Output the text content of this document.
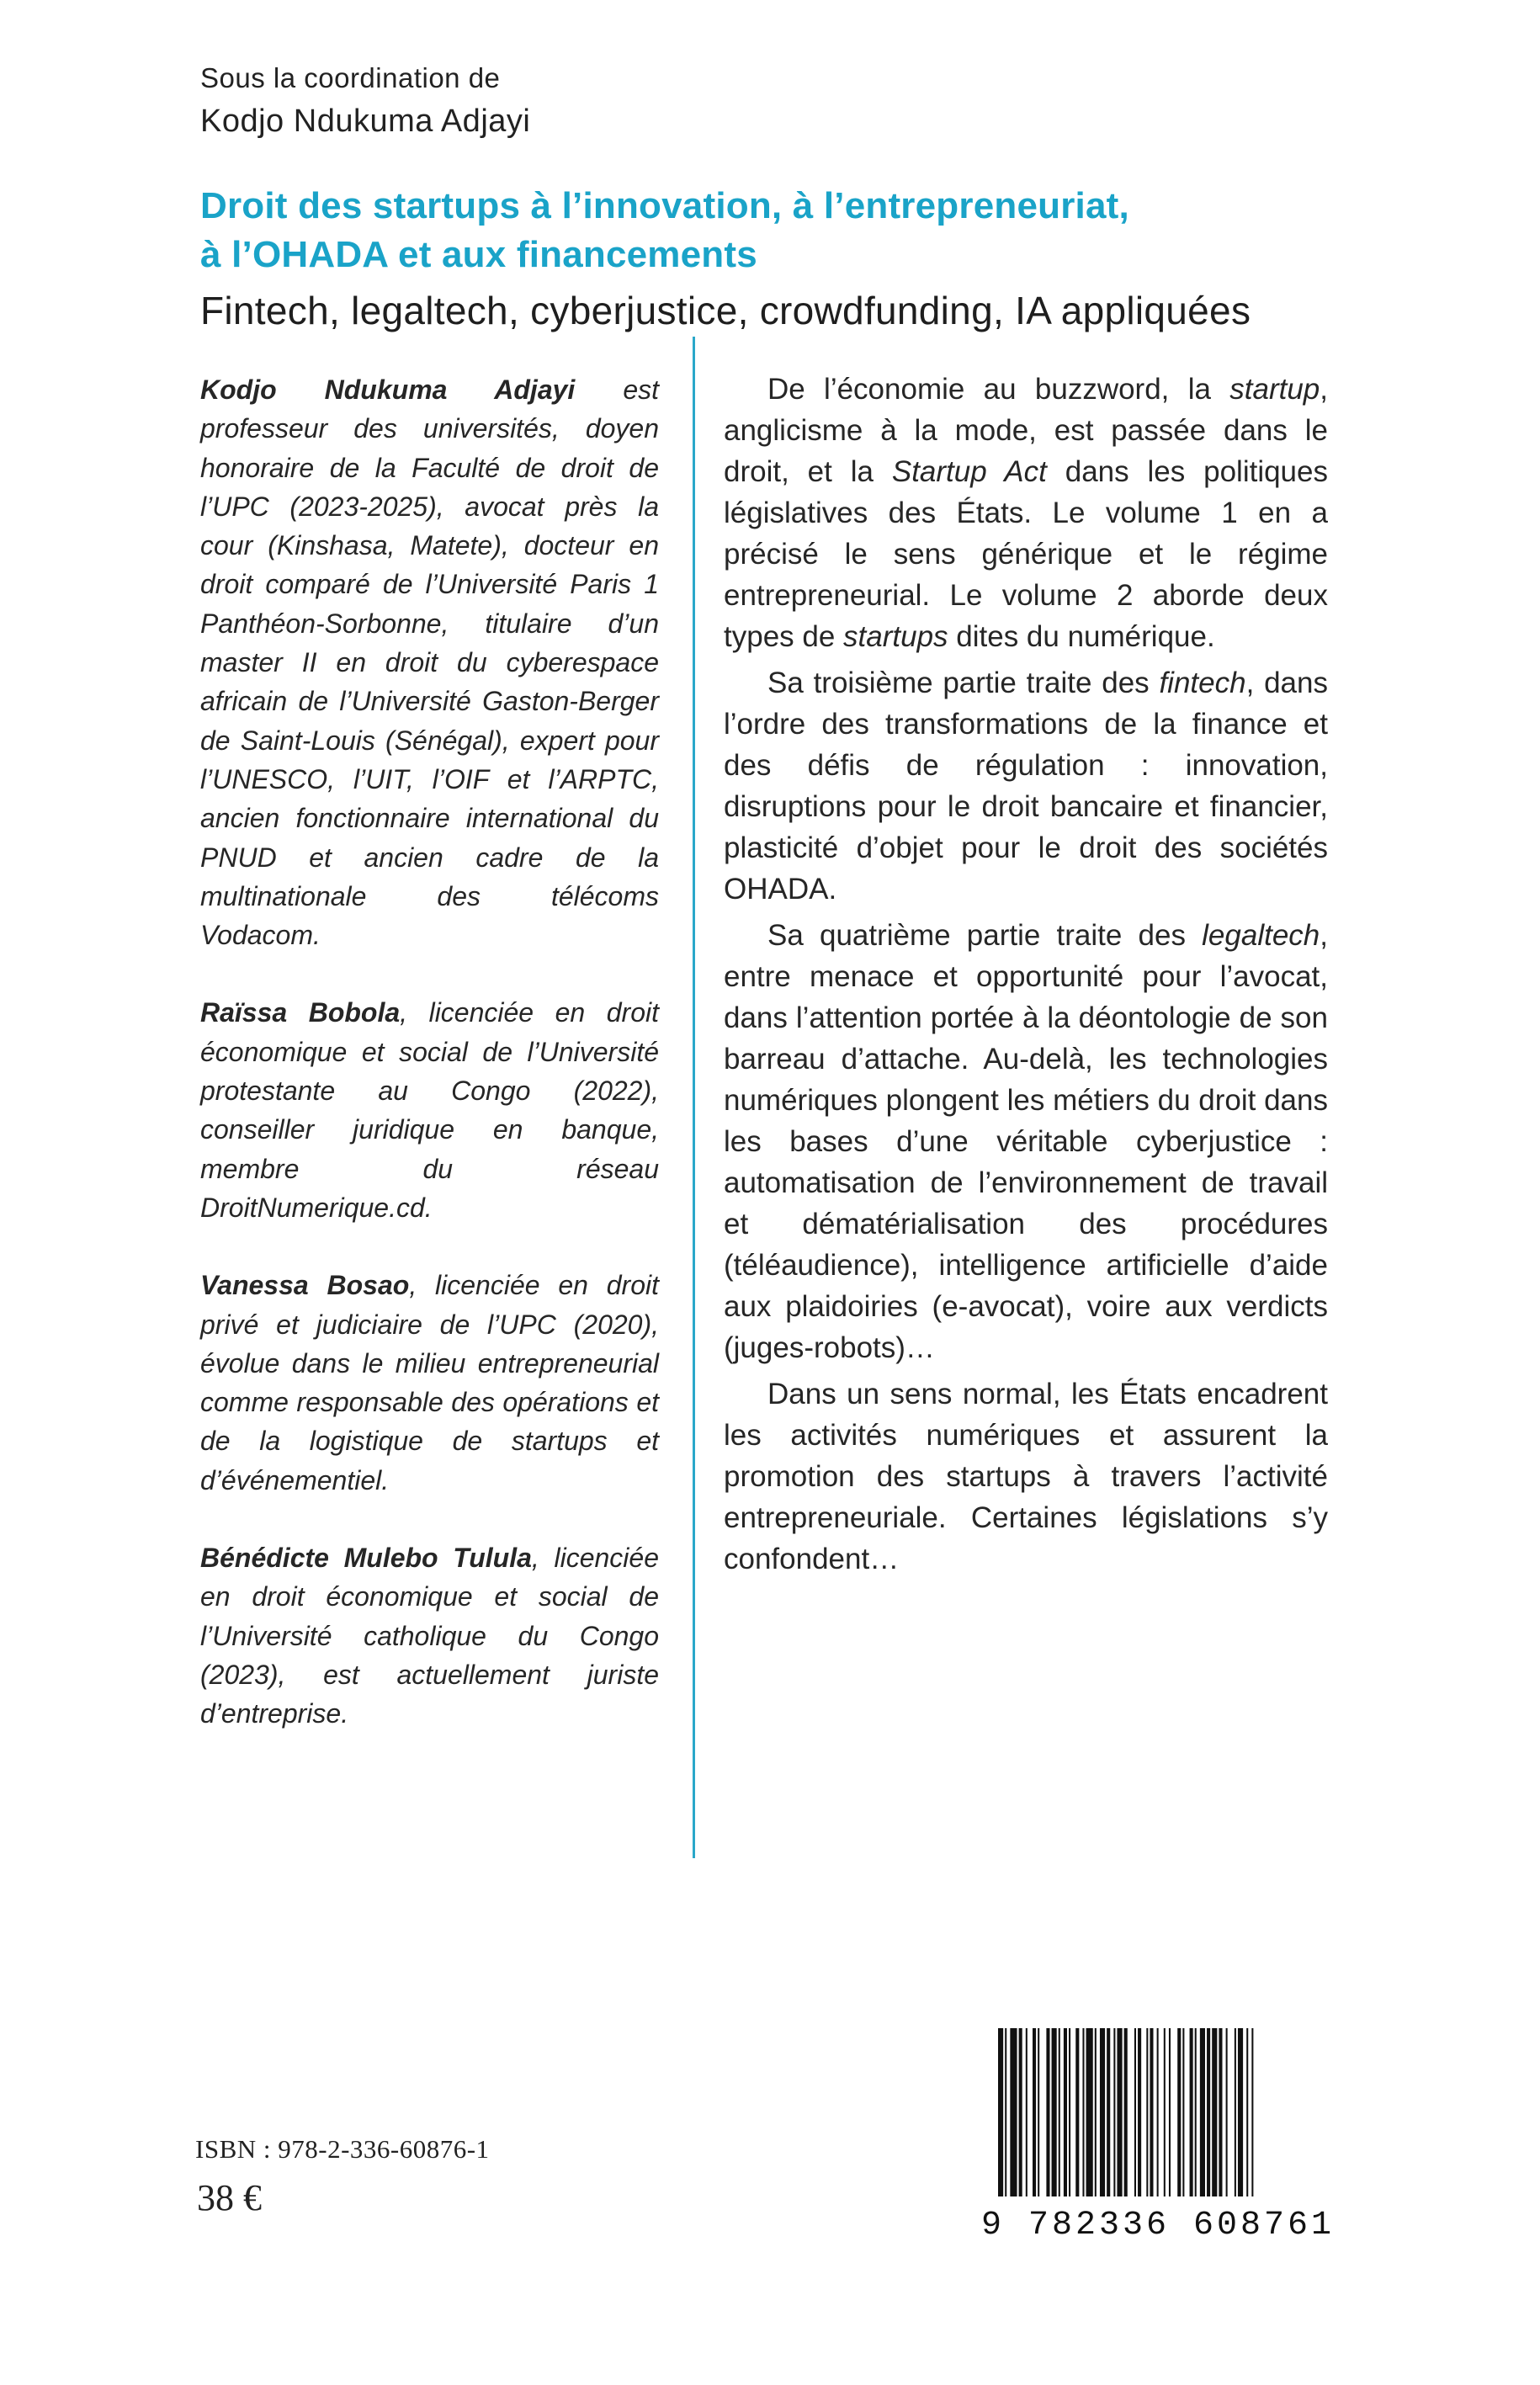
Sous la coordination de
Kodjo Ndukuma Adjayi
Droit des startups à l’innovation, à l’entrepreneuriat,
à l’OHADA et aux financements
Fintech, legaltech, cyberjustice, crowdfunding, IA appliquées

Kodjo Ndukuma Adjayi est professeur des universités, doyen honoraire de la Faculté de droit de l’UPC (2023-2025), avocat près la cour (Kinshasa, Matete), docteur en droit comparé de l’Université Paris 1 Panthéon-Sorbonne, titulaire d’un master II en droit du cyberespace africain de l’Université Gaston-Berger de Saint-Louis (Sénégal), expert pour l’UNESCO, l’UIT, l’OIF et l’ARPTC, ancien fonctionnaire international du PNUD et ancien cadre de la multinationale des télécoms Vodacom.

Raïssa Bobola, licenciée en droit économique et social de l’Université protestante au Congo (2022), conseiller juridique en banque, membre du réseau DroitNumerique.cd.

Vanessa Bosao, licenciée en droit privé et judiciaire de l’UPC (2020), évolue dans le milieu entrepreneurial comme responsable des opérations et de la logistique de startups et d’événementiel.

Bénédicte Mulebo Tulula, licenciée en droit économique et social de l’Université catholique du Congo (2023), est actuellement juriste d’entreprise.

De l’économie au buzzword, la startup, anglicisme à la mode, est passée dans le droit, et la Startup Act dans les politiques législatives des États. Le volume 1 en a précisé le sens générique et le régime entrepreneurial. Le volume 2 aborde deux types de startups dites du numérique.

Sa troisième partie traite des fintech, dans l’ordre des transformations de la finance et des défis de régulation : innovation, disruptions pour le droit bancaire et financier, plasticité d’objet pour le droit des sociétés OHADA.

Sa quatrième partie traite des legaltech, entre menace et opportunité pour l’avocat, dans l’attention portée à la déontologie de son barreau d’attache. Au-delà, les technologies numériques plongent les métiers du droit dans les bases d’une véritable cyberjustice : automatisation de l’environnement de travail et dématérialisation des procédures (téléaudience), intelligence artificielle d’aide aux plaidoiries (e-avocat), voire aux verdicts (juges-robots)…

Dans un sens normal, les États encadrent les activités numériques et assurent la promotion des startups à travers l’activité entrepreneuriale. Certaines législations s’y confondent…

ISBN : 978-2-336-60876-1
38 €
9 782336 608761
